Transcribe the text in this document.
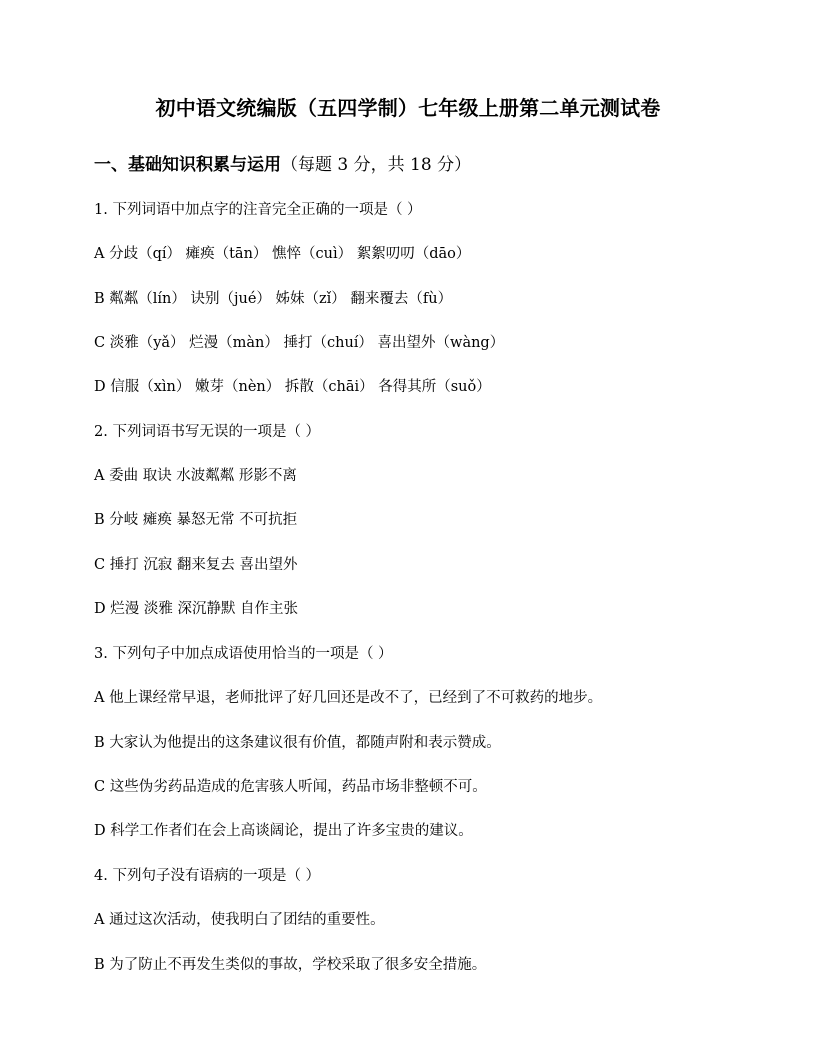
初中语文统编版（五四学制）七年级上册第二单元测试卷
一、基础知识积累与运用（每题 3 分，共 18 分）
1. 下列词语中加点字的注音完全正确的一项是（ ）
A 分歧（qí） 瘫痪（tān） 憔悴（cuì） 絮絮叨叨（dāo）
B 粼粼（lín） 诀别（jué） 姊妹（zǐ） 翻来覆去（fù）
C 淡雅（yǎ） 烂漫（màn） 捶打（chuí） 喜出望外（wàng）
D 信服（xìn） 嫩芽（nèn） 拆散（chāi） 各得其所（suǒ）
2. 下列词语书写无误的一项是（ ）
A 委曲 取诀 水波粼粼 形影不离
B 分岐 瘫痪 暴怒无常 不可抗拒
C 捶打 沉寂 翻来复去 喜出望外
D 烂漫 淡雅 深沉静默 自作主张
3. 下列句子中加点成语使用恰当的一项是（ ）
A 他上课经常早退，老师批评了好几回还是改不了，已经到了不可救药的地步。
B 大家认为他提出的这条建议很有价值，都随声附和表示赞成。
C 这些伪劣药品造成的危害骇人听闻，药品市场非整顿不可。
D 科学工作者们在会上高谈阔论，提出了许多宝贵的建议。
4. 下列句子没有语病的一项是（ ）
A 通过这次活动，使我明白了团结的重要性。
B 为了防止不再发生类似的事故，学校采取了很多安全措施。
